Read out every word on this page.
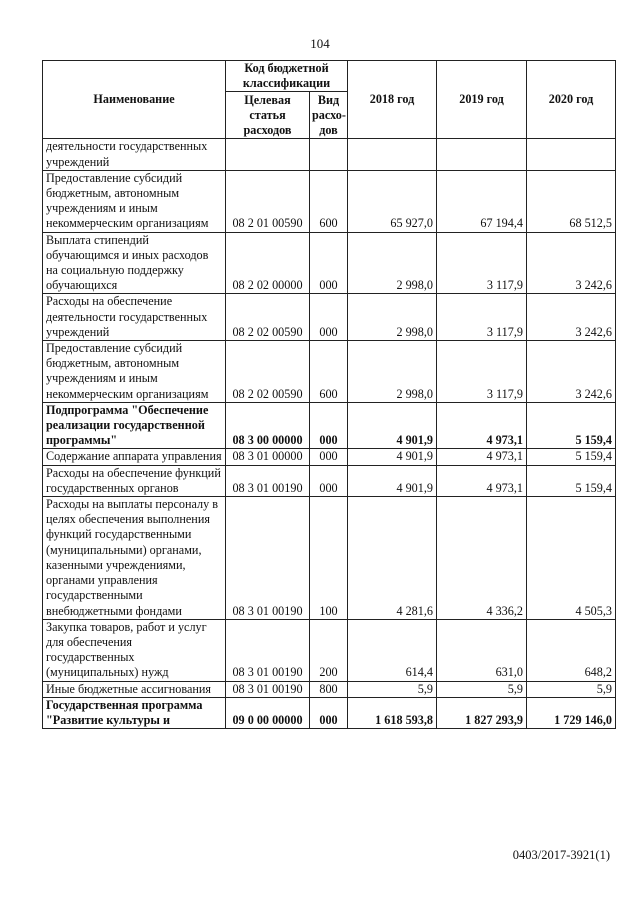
104
Наименование	Код бюджетной классификации		2018 год	2019 год	2020 год
	Целевая статья расходов	Вид расхо-дов			
деятельности государственных учреждений					
Предоставление субсидий бюджетным, автономным учреждениям и иным некоммерческим организациям	08 2 01 00590	600	65 927,0	67 194,4	68 512,5
Выплата стипендий обучающимся и иных расходов на социальную поддержку обучающихся	08 2 02 00000	000	2 998,0	3 117,9	3 242,6
Расходы на обеспечение деятельности государственных учреждений	08 2 02 00590	000	2 998,0	3 117,9	3 242,6
Предоставление субсидий бюджетным, автономным учреждениям и иным некоммерческим организациям	08 2 02 00590	600	2 998,0	3 117,9	3 242,6
Подпрограмма "Обеспечение реализации государственной программы"	08 3 00 00000	000	4 901,9	4 973,1	5 159,4
Содержание аппарата управления	08 3 01 00000	000	4 901,9	4 973,1	5 159,4
Расходы на обеспечение функций государственных органов	08 3 01 00190	000	4 901,9	4 973,1	5 159,4
Расходы на выплаты персоналу в целях обеспечения выполнения функций государственными (муниципальными) органами, казенными учреждениями, органами управления государственными внебюджетными фондами	08 3 01 00190	100	4 281,6	4 336,2	4 505,3
Закупка товаров, работ и услуг для обеспечения государственных (муниципальных) нужд	08 3 01 00190	200	614,4	631,0	648,2
Иные бюджетные ассигнования	08 3 01 00190	800	5,9	5,9	5,9
Государственная программа "Развитие культуры и	09 0 00 00000	000	1 618 593,8	1 827 293,9	1 729 146,0
0403/2017-3921(1)
